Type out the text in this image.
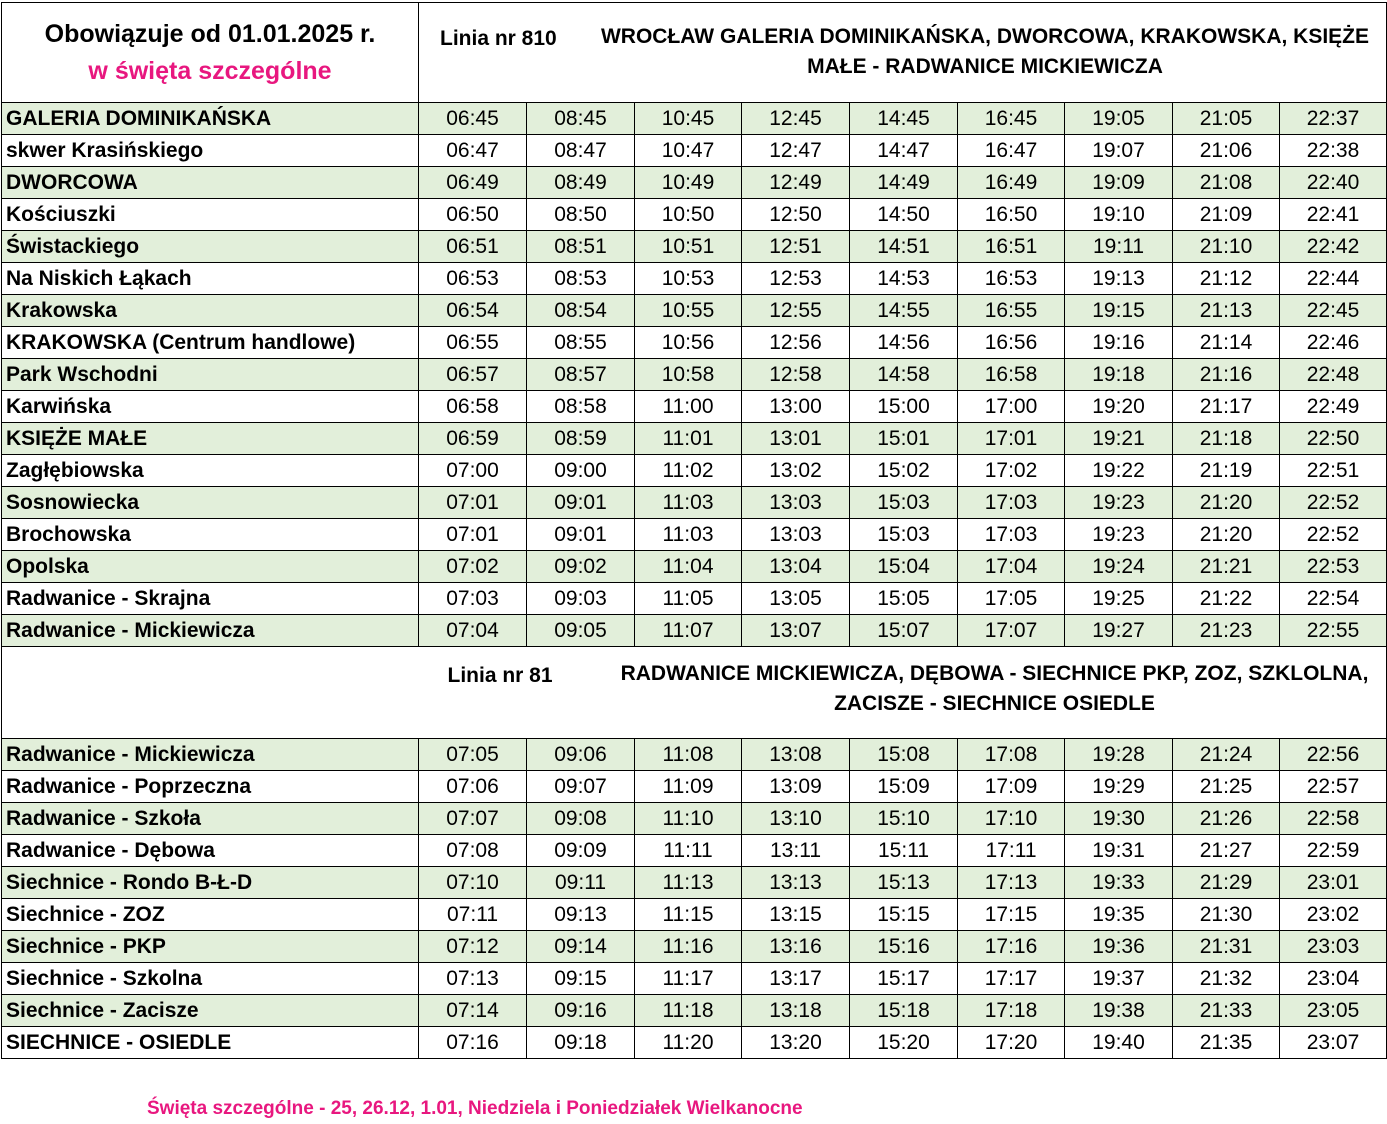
Obowiązuje od 01.01.2025 r.
w święta szczególne	Linia nr 810 WROCŁAW GALERIA DOMINIKAŃSKA, DWORCOWA, KRAKOWSKA, KSIĘŻE MAŁE - RADWANICE MICKIEWICZA								

GALERIA DOMINIKAŃSKA	06:45	08:45	10:45	12:45	14:45	16:45	19:05	21:05	22:37
skwer Krasińskiego	06:47	08:47	10:47	12:47	14:47	16:47	19:07	21:06	22:38
DWORCOWA	06:49	08:49	10:49	12:49	14:49	16:49	19:09	21:08	22:40
Kościuszki	06:50	08:50	10:50	12:50	14:50	16:50	19:10	21:09	22:41
Świstackiego	06:51	08:51	10:51	12:51	14:51	16:51	19:11	21:10	22:42
Na Niskich Łąkach	06:53	08:53	10:53	12:53	14:53	16:53	19:13	21:12	22:44
Krakowska	06:54	08:54	10:55	12:55	14:55	16:55	19:15	21:13	22:45
KRAKOWSKA (Centrum handlowe)	06:55	08:55	10:56	12:56	14:56	16:56	19:16	21:14	22:46
Park Wschodni	06:57	08:57	10:58	12:58	14:58	16:58	19:18	21:16	22:48
Karwińska	06:58	08:58	11:00	13:00	15:00	17:00	19:20	21:17	22:49
KSIĘŻE MAŁE	06:59	08:59	11:01	13:01	15:01	17:01	19:21	21:18	22:50
Zagłębiowska	07:00	09:00	11:02	13:02	15:02	17:02	19:22	21:19	22:51
Sosnowiecka	07:01	09:01	11:03	13:03	15:03	17:03	19:23	21:20	22:52
Brochowska	07:01	09:01	11:03	13:03	15:03	17:03	19:23	21:20	22:52
Opolska	07:02	09:02	11:04	13:04	15:04	17:04	19:24	21:21	22:53
Radwanice - Skrajna	07:03	09:03	11:05	13:05	15:05	17:05	19:25	21:22	22:54
Radwanice - Mickiewicza	07:04	09:05	11:07	13:07	15:07	17:07	19:27	21:23	22:55

	Linia nr 81 RADWANICE MICKIEWICZA, DĘBOWA - SIECHNICE PKP, ZOZ, SZKLOLNA, ZACISZE - SIECHNICE OSIEDLE								

Radwanice - Mickiewicza	07:05	09:06	11:08	13:08	15:08	17:08	19:28	21:24	22:56
Radwanice - Poprzeczna	07:06	09:07	11:09	13:09	15:09	17:09	19:29	21:25	22:57
Radwanice - Szkoła	07:07	09:08	11:10	13:10	15:10	17:10	19:30	21:26	22:58
Radwanice - Dębowa	07:08	09:09	11:11	13:11	15:11	17:11	19:31	21:27	22:59
Siechnice - Rondo B-Ł-D	07:10	09:11	11:13	13:13	15:13	17:13	19:33	21:29	23:01
Siechnice - ZOZ	07:11	09:13	11:15	13:15	15:15	17:15	19:35	21:30	23:02
Siechnice - PKP	07:12	09:14	11:16	13:16	15:16	17:16	19:36	21:31	23:03
Siechnice - Szkolna	07:13	09:15	11:17	13:17	15:17	17:17	19:37	21:32	23:04
Siechnice - Zacisze	07:14	09:16	11:18	13:18	15:18	17:18	19:38	21:33	23:05
SIECHNICE - OSIEDLE	07:16	09:18	11:20	13:20	15:20	17:20	19:40	21:35	23:07
Święta szczególne - 25, 26.12, 1.01, Niedziela i Poniedziałek Wielkanocne
